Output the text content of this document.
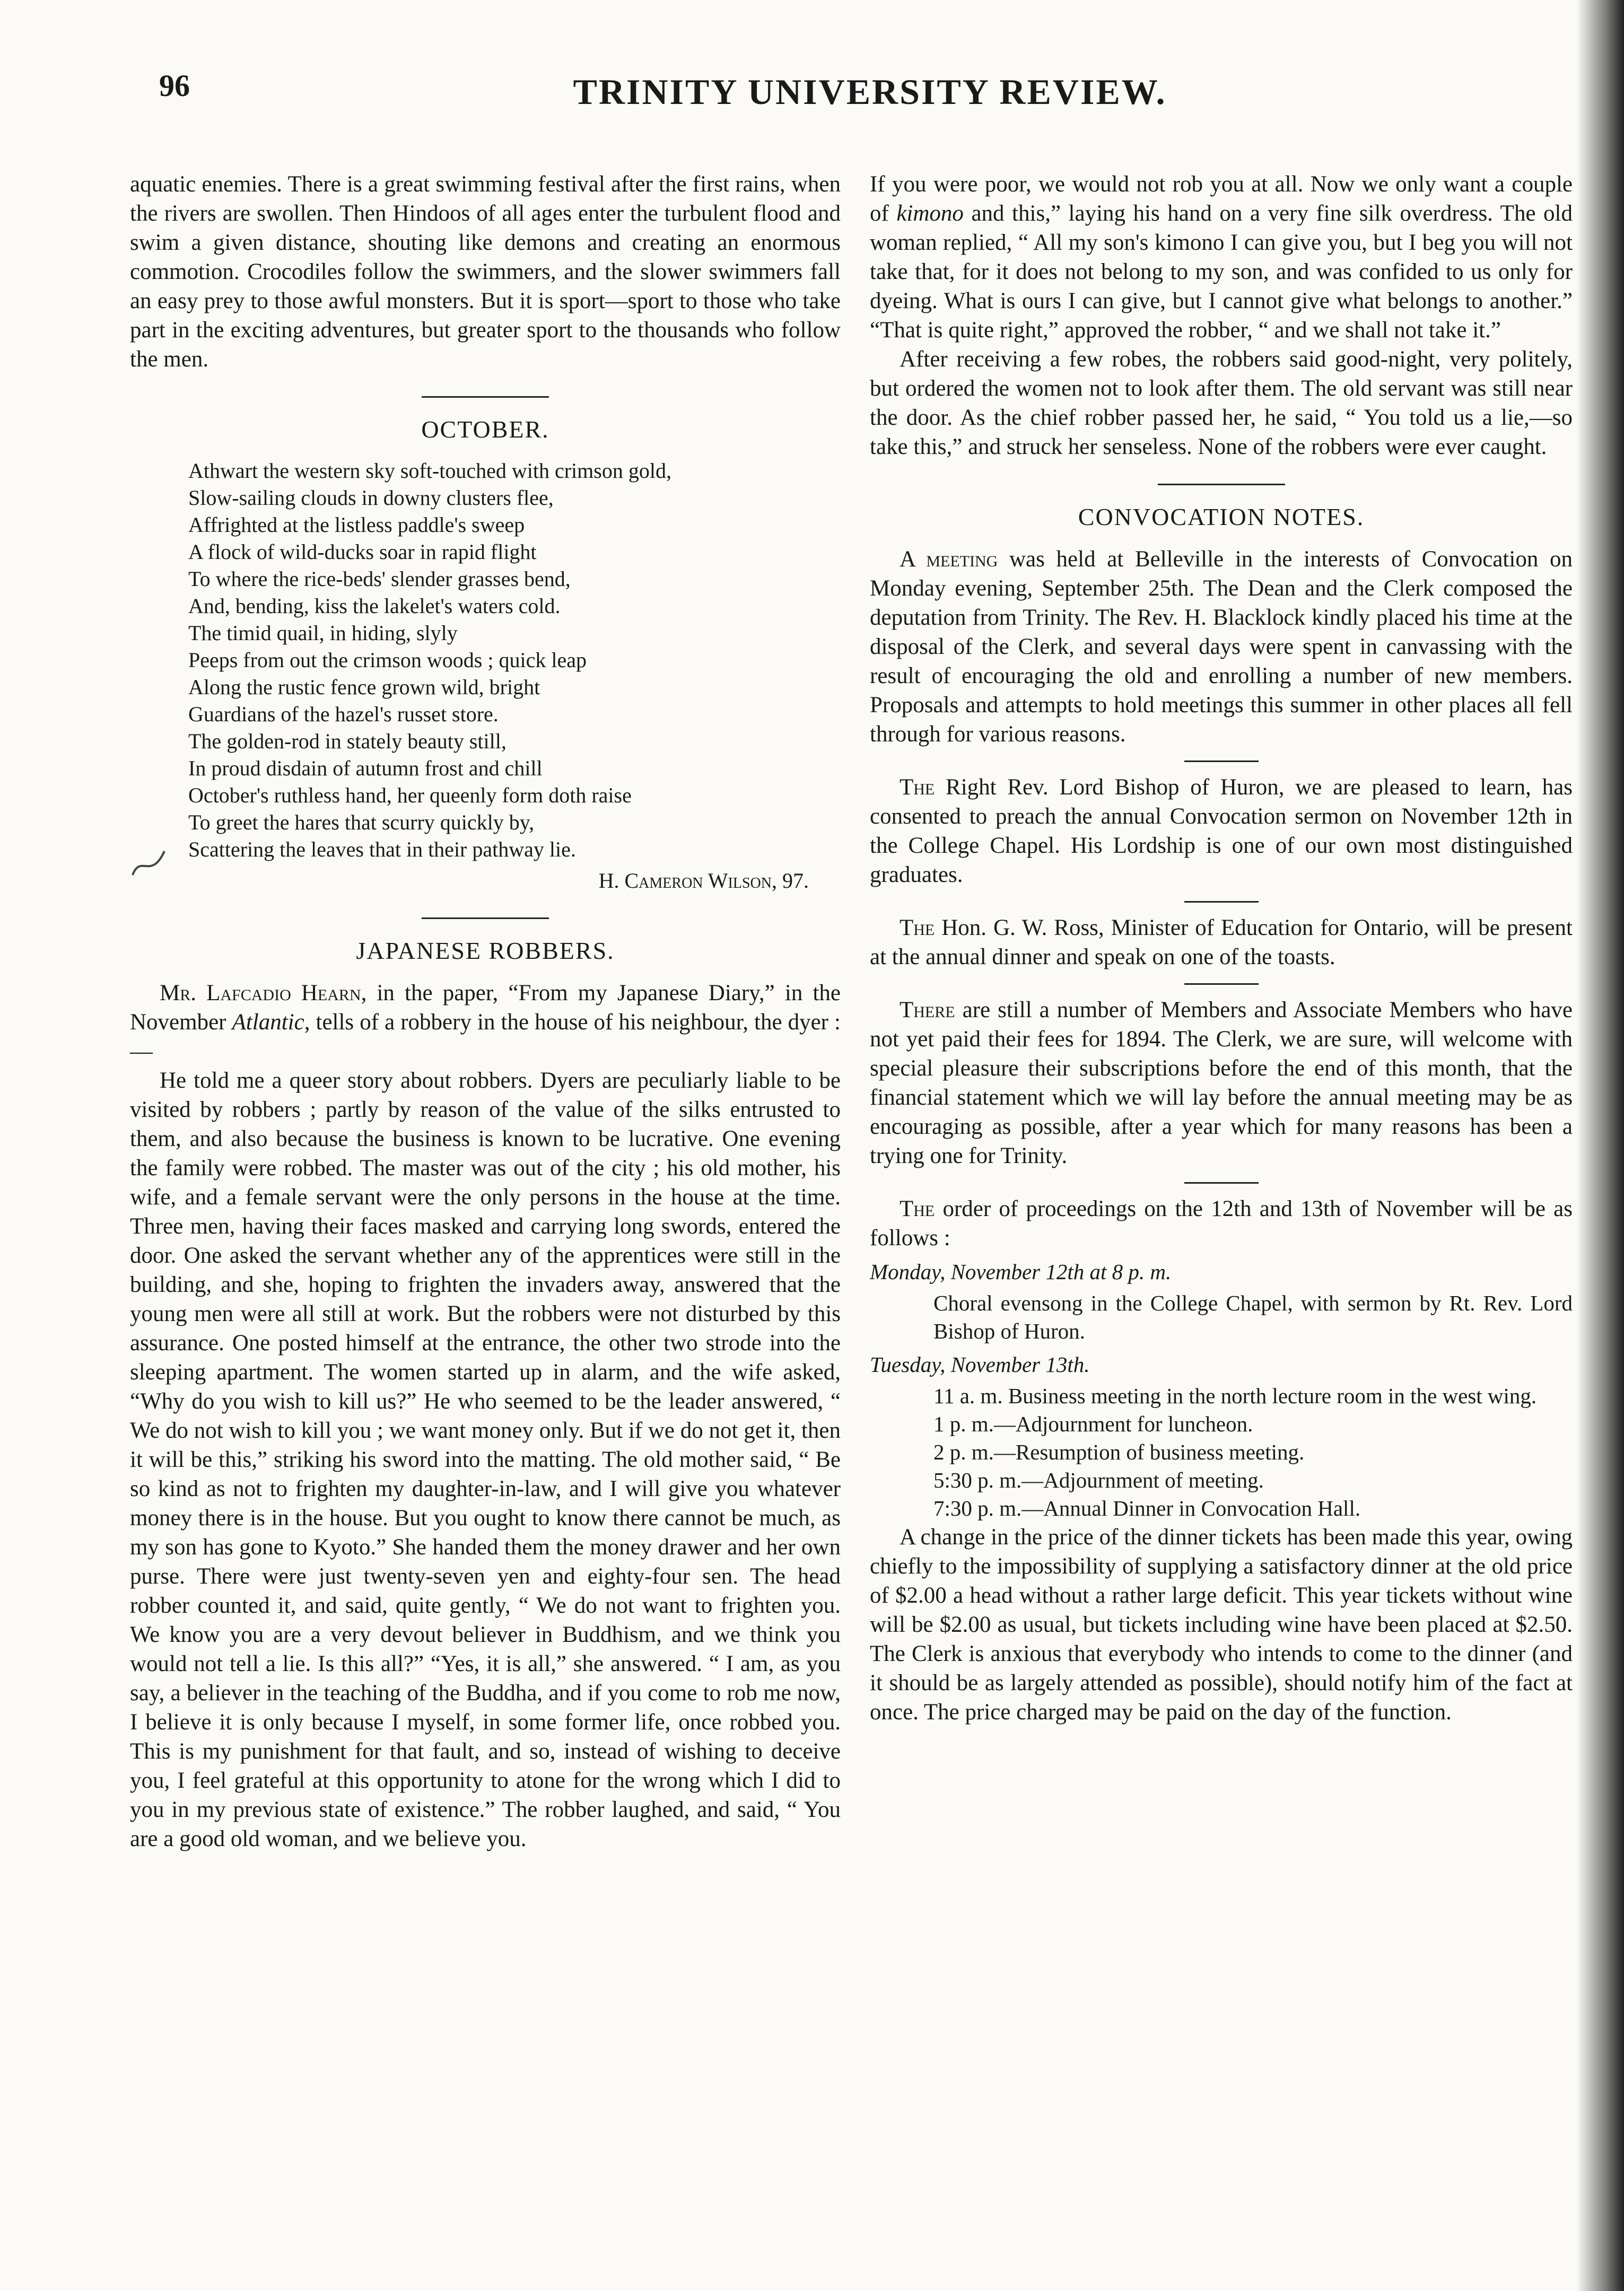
96	TRINITY UNIVERSITY REVIEW.

aquatic enemies. There is a great swimming festival after the first rains, when the rivers are swollen. Then Hindoos of all ages enter the turbulent flood and swim a given distance, shouting like demons and creating an enormous commotion. Crocodiles follow the swimmers, and the slower swimmers fall an easy prey to those awful monsters. But it is sport—sport to those who take part in the exciting adventures, but greater sport to the thousands who follow the men.

OCTOBER.
Athwart the western sky soft-touched with crimson gold,
Slow-sailing clouds in downy clusters flee,
Affrighted at the listless paddle's sweep
A flock of wild-ducks soar in rapid flight
To where the rice-beds' slender grasses bend,
And, bending, kiss the lakelet's waters cold.
The timid quail, in hiding, slyly
Peeps from out the crimson woods ; quick leap
Along the rustic fence grown wild, bright
Guardians of the hazel's russet store.
The golden-rod in stately beauty still,
In proud disdain of autumn frost and chill
October's ruthless hand, her queenly form doth raise
To greet the hares that scurry quickly by,
Scattering the leaves that in their pathway lie.
H. Cameron Wilson, 97.
JAPANESE ROBBERS.

Mr. Lafcadio Hearn, in the paper, “From my Japanese Diary,” in the November Atlantic, tells of a robbery in the house of his neighbour, the dyer :—

He told me a queer story about robbers. Dyers are peculiarly liable to be visited by robbers ; partly by reason of the value of the silks entrusted to them, and also because the business is known to be lucrative. One evening the family were robbed. The master was out of the city ; his old mother, his wife, and a female servant were the only persons in the house at the time. Three men, having their faces masked and carrying long swords, entered the door. One asked the servant whether any of the apprentices were still in the building, and she, hoping to frighten the invaders away, answered that the young men were all still at work. But the robbers were not disturbed by this assurance. One posted himself at the entrance, the other two strode into the sleeping apartment. The women started up in alarm, and the wife asked, “Why do you wish to kill us?” He who seemed to be the leader answered, “ We do not wish to kill you ; we want money only. But if we do not get it, then it will be this,” striking his sword into the matting. The old mother said, “ Be so kind as not to frighten my daughter-in-law, and I will give you whatever money there is in the house. But you ought to know there cannot be much, as my son has gone to Kyoto.” She handed them the money drawer and her own purse. There were just twenty-seven yen and eighty-four sen. The head robber counted it, and said, quite gently, “ We do not want to frighten you. We know you are a very devout believer in Buddhism, and we think you would not tell a lie. Is this all?” “Yes, it is all,” she answered. “ I am, as you say, a believer in the teaching of the Buddha, and if you come to rob me now, I believe it is only because I myself, in some former life, once robbed you. This is my punishment for that fault, and so, instead of wishing to deceive you, I feel grateful at this opportunity to atone for the wrong which I did to you in my previous state of existence.” The robber laughed, and said, “ You are a good old woman, and we believe you.

If you were poor, we would not rob you at all. Now we only want a couple of kimono and this,” laying his hand on a very fine silk overdress. The old woman replied, “ All my son's kimono I can give you, but I beg you will not take that, for it does not belong to my son, and was confided to us only for dyeing. What is ours I can give, but I cannot give what belongs to another.” “That is quite right,” approved the robber, “ and we shall not take it.”

After receiving a few robes, the robbers said good-night, very politely, but ordered the women not to look after them. The old servant was still near the door. As the chief robber passed her, he said, “ You told us a lie,—so take this,” and struck her senseless. None of the robbers were ever caught.

CONVOCATION NOTES.

A meeting was held at Belleville in the interests of Convocation on Monday evening, September 25th. The Dean and the Clerk composed the deputation from Trinity. The Rev. H. Blacklock kindly placed his time at the disposal of the Clerk, and several days were spent in canvassing with the result of encouraging the old and enrolling a number of new members. Proposals and attempts to hold meetings this summer in other places all fell through for various reasons.

The Right Rev. Lord Bishop of Huron, we are pleased to learn, has consented to preach the annual Convocation sermon on November 12th in the College Chapel. His Lordship is one of our own most distinguished graduates.

The Hon. G. W. Ross, Minister of Education for Ontario, will be present at the annual dinner and speak on one of the toasts.

There are still a number of Members and Associate Members who have not yet paid their fees for 1894. The Clerk, we are sure, will welcome with special pleasure their subscriptions before the end of this month, that the financial statement which we will lay before the annual meeting may be as encouraging as possible, after a year which for many reasons has been a trying one for Trinity.

The order of proceedings on the 12th and 13th of November will be as follows :

Monday, November 12th at 8 p. m.
Choral evensong in the College Chapel, with sermon by Rt. Rev. Lord Bishop of Huron.
Tuesday, November 13th.
11 a. m. Business meeting in the north lecture room in the west wing.
1 p. m.—Adjournment for luncheon.
2 p. m.—Resumption of business meeting.
5:30 p. m.—Adjournment of meeting.
7:30 p. m.—Annual Dinner in Convocation Hall.

A change in the price of the dinner tickets has been made this year, owing chiefly to the impossibility of supplying a satisfactory dinner at the old price of $2.00 a head without a rather large deficit. This year tickets without wine will be $2.00 as usual, but tickets including wine have been placed at $2.50. The Clerk is anxious that everybody who intends to come to the dinner (and it should be as largely attended as possible), should notify him of the fact at once. The price charged may be paid on the day of the function.
